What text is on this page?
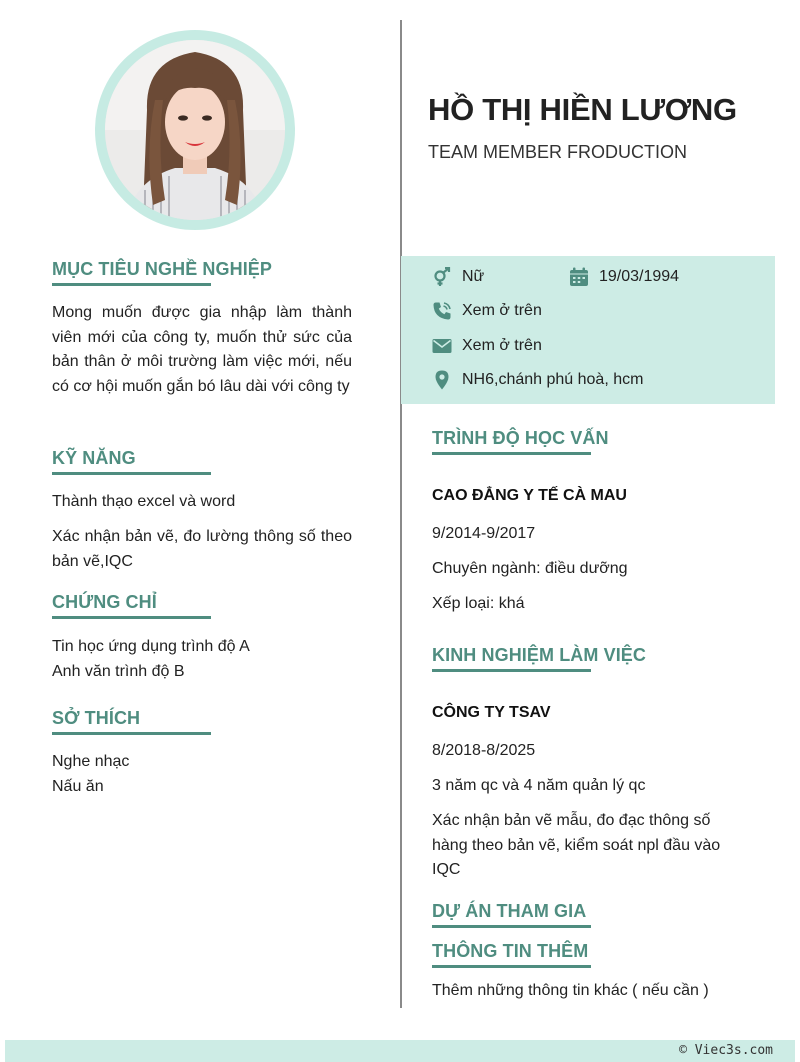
MỤC TIÊU NGHỀ NGHIỆP
Mong muốn được gia nhập làm thành viên mới của công ty, muốn thử sức của bản thân ở môi trường làm việc mới, nếu có cơ hội muốn gắn bó lâu dài với công ty
KỸ NĂNG
Thành thạo excel và word
Xác nhận bản vẽ, đo lường thông số theo bản vẽ,IQC
CHỨNG CHỈ
Tin học ứng dụng trình độ A
Anh văn trình độ B
SỞ THÍCH
Nghe nhạc
Nấu ăn
HỒ THỊ HIỀN LƯƠNG
TEAM MEMBER FRODUCTION
Nữ	19/03/1994
Xem ở trên
Xem ở trên
NH6,chánh phú hoà, hcm
TRÌNH ĐỘ HỌC VẤN
CAO ĐẲNG Y TẾ CÀ MAU
9/2014-9/2017
Chuyên ngành: điều dưỡng
Xếp loại: khá
KINH NGHIỆM LÀM VIỆC
CÔNG TY TSAV
8/2018-8/2025
3 năm qc và 4 năm quản lý qc
Xác nhận bản vẽ mẫu, đo đạc thông số hàng theo bản vẽ, kiểm soát npl đầu vào IQC
DỰ ÁN THAM GIA
THÔNG TIN THÊM
Thêm những thông tin khác ( nếu cần )
© Viec3s.com
